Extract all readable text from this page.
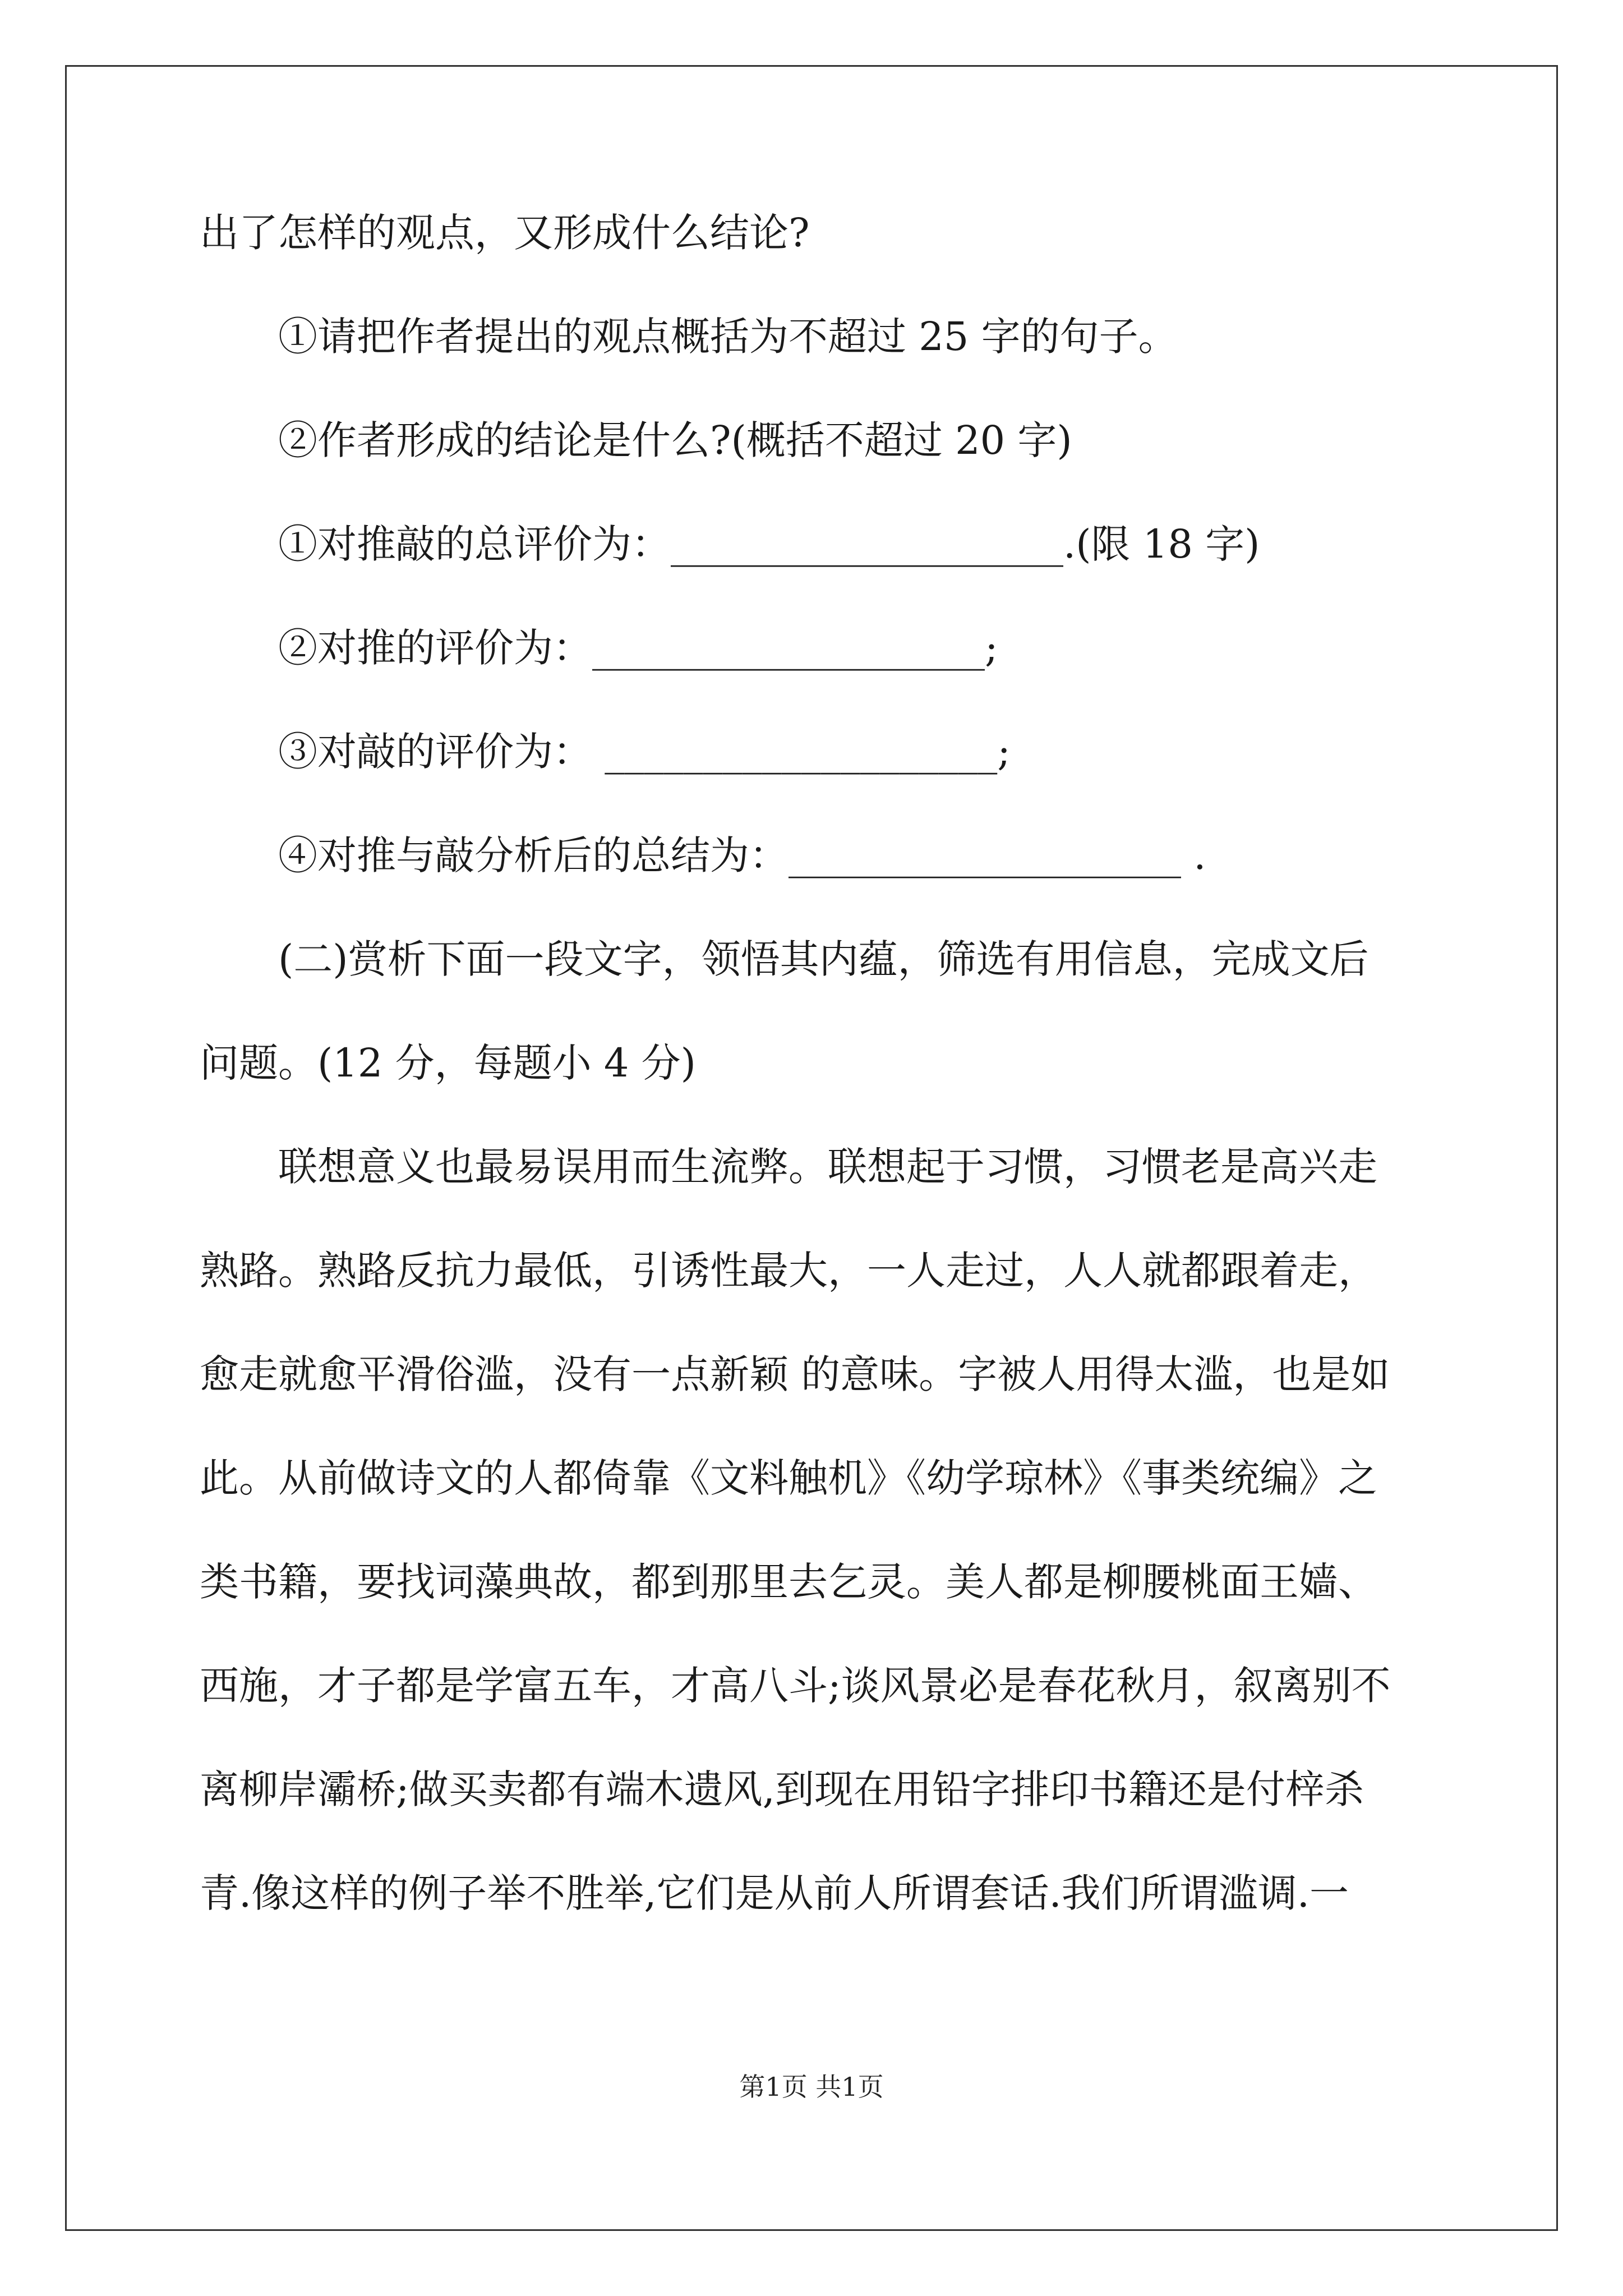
出了怎样的观点，又形成什么结论?
①请把作者提出的观点概括为不超过 25 字的句子。
②作者形成的结论是什么?(概括不超过 20 字)
①对推敲的总评价为：____________________.(限 18 字)
②对推的评价为：____________________;
③对敲的评价为： ____________________;
④对推与敲分析后的总结为：____________________ .
(二)赏析下面一段文字，领悟其内蕴，筛选有用信息，完成文后
问题。(12 分，每题小 4 分)
联想意义也最易误用而生流弊。联想起于习惯，习惯老是高兴走
熟路。熟路反抗力最低，引诱性最大，一人走过，人人就都跟着走，
愈走就愈平滑俗滥，没有一点新颖 的意味。字被人用得太滥，也是如
此。从前做诗文的人都倚靠《文料触机》《幼学琼林》《事类统编》之
类书籍，要找词藻典故，都到那里去乞灵。美人都是柳腰桃面王嫱、
西施，才子都是学富五车，才高八斗;谈风景必是春花秋月，叙离别不
离柳岸灞桥;做买卖都有端木遗风,到现在用铅字排印书籍还是付梓杀
青.像这样的例子举不胜举,它们是从前人所谓套话.我们所谓滥调.一
第1页 共1页
